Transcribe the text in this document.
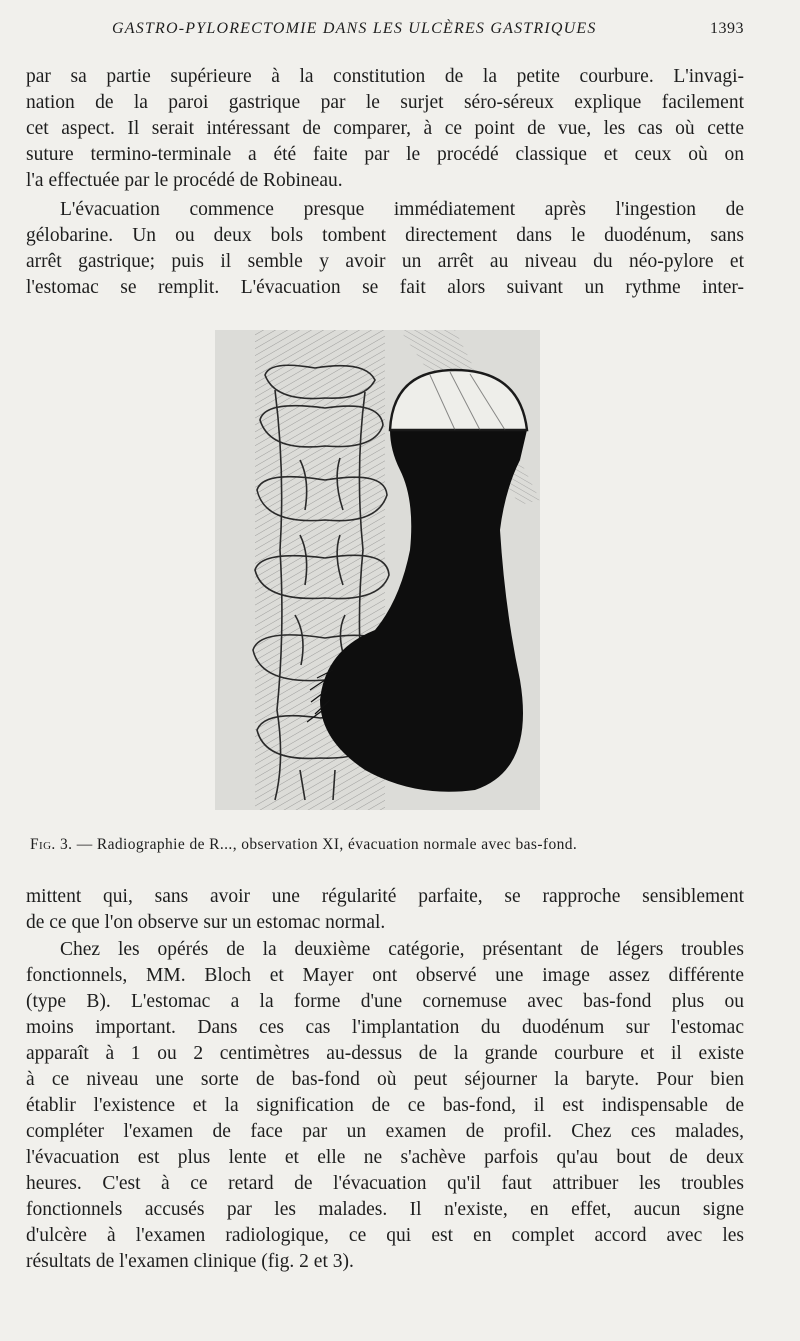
GASTRO-PYLORECTOMIE DANS LES ULCÈRES GASTRIQUES	1393
par sa partie supérieure à la constitution de la petite courbure. L'invagi-
nation de la paroi gastrique par le surjet séro-séreux explique facilement
cet aspect. Il serait intéressant de comparer, à ce point de vue, les cas où cette
suture termino-terminale a été faite par le procédé classique et ceux où on
l'a effectuée par le procédé de Robineau.
L'évacuation commence presque immédiatement après l'ingestion de
gélobarine. Un ou deux bols tombent directement dans le duodénum, sans
arrêt gastrique; puis il semble y avoir un arrêt au niveau du néo-pylore et
l'estomac se remplit. L'évacuation se fait alors suivant un rythme inter-
Fig. 3. — Radiographie de R..., observation XI, évacuation normale avec bas-fond.
mittent qui, sans avoir une régularité parfaite, se rapproche sensiblement
de ce que l'on observe sur un estomac normal.
Chez les opérés de la deuxième catégorie, présentant de légers troubles
fonctionnels, MM. Bloch et Mayer ont observé une image assez différente
(type B). L'estomac a la forme d'une cornemuse avec bas-fond plus ou
moins important. Dans ces cas l'implantation du duodénum sur l'estomac
apparaît à 1 ou 2 centimètres au-dessus de la grande courbure et il existe
à ce niveau une sorte de bas-fond où peut séjourner la baryte. Pour bien
établir l'existence et la signification de ce bas-fond, il est indispensable de
compléter l'examen de face par un examen de profil. Chez ces malades,
l'évacuation est plus lente et elle ne s'achève parfois qu'au bout de deux
heures. C'est à ce retard de l'évacuation qu'il faut attribuer les troubles
fonctionnels accusés par les malades. Il n'existe, en effet, aucun signe
d'ulcère à l'examen radiologique, ce qui est en complet accord avec les
résultats de l'examen clinique (fig. 2 et 3).
